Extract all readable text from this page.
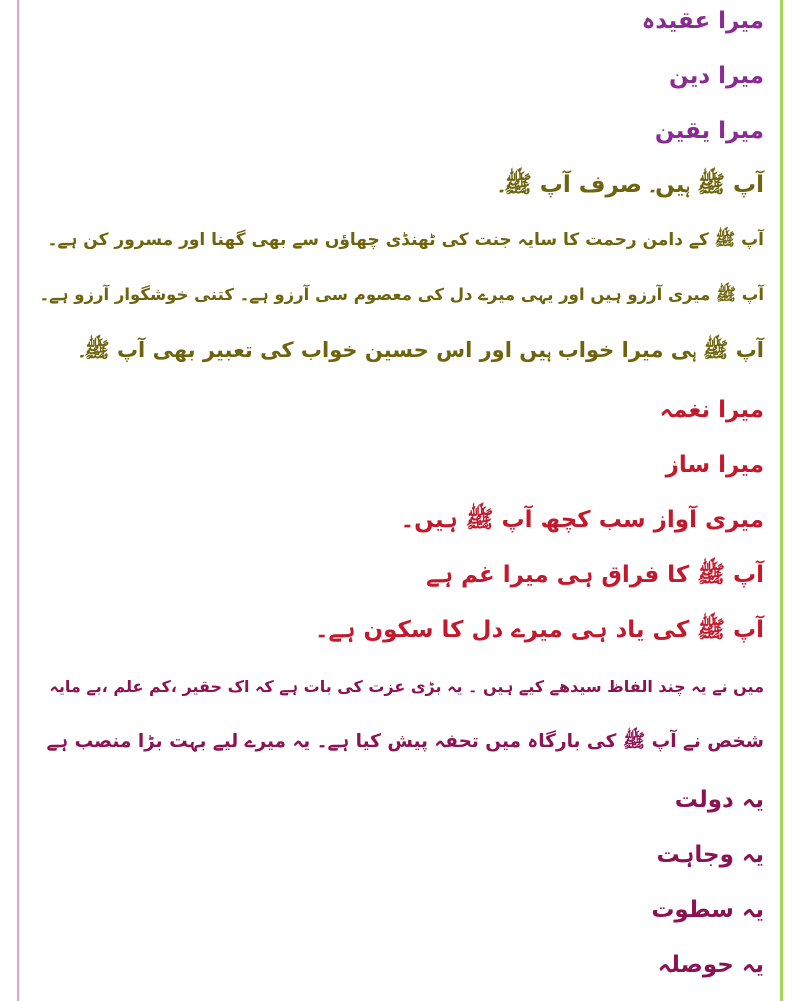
میرا عقیدہ
میرا دین
میرا یقین
آپ ﷺ ہیں۔ صرف آپ ﷺ۔
آپ ﷺ کے دامن رحمت کا سایہ جنت کی ٹھنڈی چھاؤں سے بھی گھنا اور مسرور کن ہے۔
آپ ﷺ میری آرزو ہیں اور یہی میرے دل کی معصوم سی آرزو ہے۔ کتنی خوشگوار آرزو ہے۔
آپ ﷺ ہی میرا خواب ہیں اور اس حسین خواب کی تعبیر بھی آپ ﷺ۔
میرا نغمہ
میرا ساز
میری آواز سب کچھ آپ ﷺ ہیں۔
آپ ﷺ کا فراق ہی میرا غم ہے
آپ ﷺ کی یاد ہی میرے دل کا سکون ہے۔
میں نے یہ چند الفاظ سیدھے کیے ہیں ۔ یہ بڑی عزت کی بات ہے کہ اک حقیر ،کم علم ،بے مایہ
شخص نے آپ ﷺ کی بارگاہ میں تحفہ پیش کیا ہے۔ یہ میرے لیے بہت بڑا منصب ہے
یہ دولت
یہ وجاہت
یہ سطوت
یہ حوصلہ
